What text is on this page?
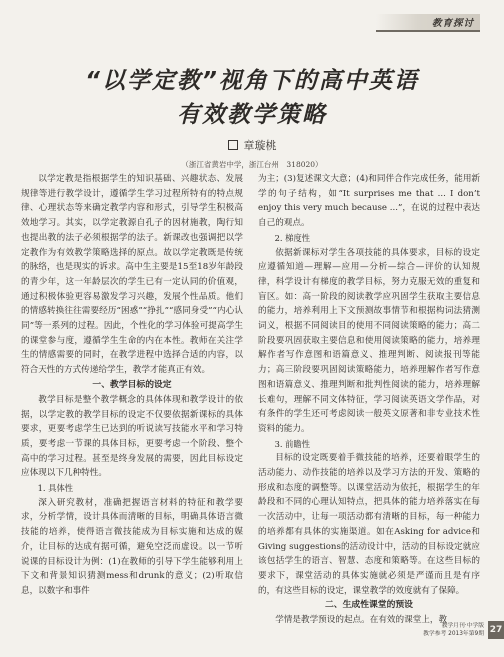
教育探讨
“以学定教”视角下的高中英语
有效教学策略
章璇桃
（浙江省黄岩中学，浙江台州　318020）

以学定教是指根据学生的知识基础、兴趣状态、发展规律等进行教学设计，遵循学生学习过程所特有的特点规律、心理状态等来确定教学内容和形式，引导学生积极高效地学习。其实，以学定教源自孔子的因材施教，陶行知也提出教的法子必须根据学的法子。新课改也强调把以学定教作为有效教学策略选择的原点。故以学定教既是传统的脉络，也是现实的诉求。高中生主要是15至18岁年龄段的青少年，这一年龄层次的学生已有一定认同的价值观，通过积极体验更容易激发学习兴趣，发展个性品质。他们的情感转换往往需要经历“困惑”“挣扎”“感同身受”“内心认同”等一系列的过程。因此，个性化的学习体验可提高学生的课堂参与度，遵循学生生命的内在本性。教师在关注学生的情感需要的同时，在教学进程中选择合适的内容，以符合天性的方式传递给学生，教学才能真正有效。

一、教学目标的设定

教学目标是整个教学概念的具体体现和教学设计的依据，以学定教的教学目标的设定不仅要依据新课标的具体要求，更要考虑学生已达到的听说读写技能水平和学习特质，要考虑一节课的具体目标，更要考虑一个阶段、整个高中的学习过程。甚至是终身发展的需要，因此目标设定应体现以下几种特性。

1. 具体性

深入研究教材，准确把握语言材料的特征和教学要求，分析学情，设计具体而清晰的目标，明确具体语言微技能的培养，使得语言微技能成为目标实施和达成的媒介，让目标的达成有据可循，避免空泛而虚设。以一节听说课的目标设计为例：(1)在教师的引导下学生能够利用上下文和背景知识猜测mess和drunk的意义；(2)听取信息，以数字和事件

为主；(3)复述课文大意；(4)和同伴合作完成任务，能用新学的句子结构，如“It surprises me that ... I don’t enjoy this very much because ...”，在说的过程中表达自己的观点。

2. 梯度性

依据新课标对学生各项技能的具体要求，目标的设定应遵循知道—理解—应用—分析—综合—评价的认知规律，科学设计有梯度的教学目标，努力克服无效的重复和盲区。如：高一阶段的阅读教学应巩固学生获取主要信息的能力，培养利用上下文预测故事情节和根据构词法猜测词义，根据不同阅读目的使用不同阅读策略的能力；高二阶段要巩固获取主要信息和使用阅读策略的能力，培养理解作者写作意图和语篇意义、推理判断、阅读报刊等能力；高三阶段要巩固阅读策略能力，培养理解作者写作意图和语篇意义、推理判断和批判性阅读的能力，培养理解长难句，理解不同文体特征，学习阅读英语文学作品，对有条件的学生还可考虑阅读一般英文原著和非专业技术性资料的能力。

3. 前瞻性

目标的设定既要着手微技能的培养，还要着眼学生的活动能力、动作技能的培养以及学习方法的开发、策略的形成和态度的调整等。以课堂活动为依托，根据学生的年龄段和不同的心理认知特点，把具体的能力培养落实在每一次活动中，让每一项活动都有清晰的目标，每一种能力的培养都有具体的实施渠道。如在Asking for advice和Giving suggestions的活动设计中，活动的目标设定就应该包括学生的语言、智慧、态度和策略等。在这些目标的要求下，课堂活动的具体实施就必须是严谨而且是有序的，有这些目标的设定，课堂教学的效度就有了保障。

二、生成性课堂的预设

学情是教学预设的起点。在有效的课堂上，教

教学月刊·中学版
教学参考 2013年第9期 27
